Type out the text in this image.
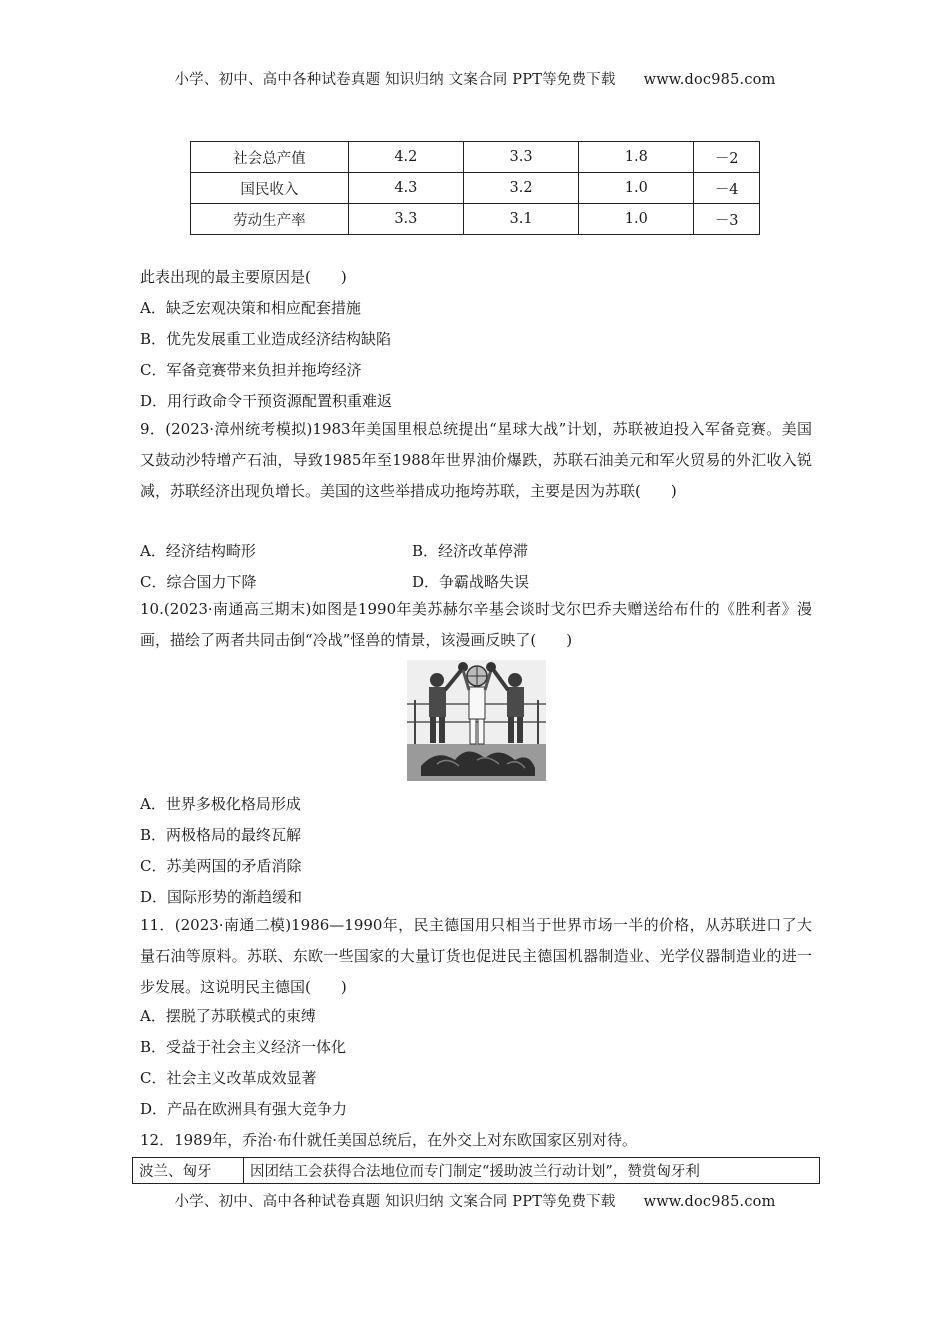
小学、初中、高中各种试卷真题 知识归纳 文案合同 PPT等免费下载 www.doc985.com
社会总产值	4.2	3.3	1.8	－2
国民收入	4.3	3.2	1.0	－4
劳动生产率	3.3	3.1	1.0	－3
此表出现的最主要原因是(　　)
A．缺乏宏观决策和相应配套措施
B．优先发展重工业造成经济结构缺陷
C．军备竞赛带来负担并拖垮经济
D．用行政命令干预资源配置积重难返
9．(2023·漳州统考模拟)1983年美国里根总统提出“星球大战”计划，苏联被迫投入军备竞赛。美国又鼓动沙特增产石油，导致1985年至1988年世界油价爆跌，苏联石油美元和军火贸易的外汇收入锐减，苏联经济出现负增长。美国的这些举措成功拖垮苏联，主要是因为苏联(　　)
A．经济结构畸形	B．经济改革停滞
C．综合国力下降	D．争霸战略失误
10.(2023·南通高三期末)如图是1990年美苏赫尔辛基会谈时戈尔巴乔夫赠送给布什的《胜利者》漫画，描绘了两者共同击倒“冷战”怪兽的情景，该漫画反映了(　　)
A．世界多极化格局形成
B．两极格局的最终瓦解
C．苏美两国的矛盾消除
D．国际形势的渐趋缓和
11．(2023·南通二模)1986—1990年，民主德国用只相当于世界市场一半的价格，从苏联进口了大量石油等原料。苏联、东欧一些国家的大量订货也促进民主德国机器制造业、光学仪器制造业的进一步发展。这说明民主德国(　　)
A．摆脱了苏联模式的束缚
B．受益于社会主义经济一体化
C．社会主义改革成效显著
D．产品在欧洲具有强大竞争力
12．1989年，乔治·布什就任美国总统后，在外交上对东欧国家区别对待。
波兰、匈牙	因团结工会获得合法地位而专门制定“援助波兰行动计划”，赞赏匈牙利
小学、初中、高中各种试卷真题 知识归纳 文案合同 PPT等免费下载 www.doc985.com
